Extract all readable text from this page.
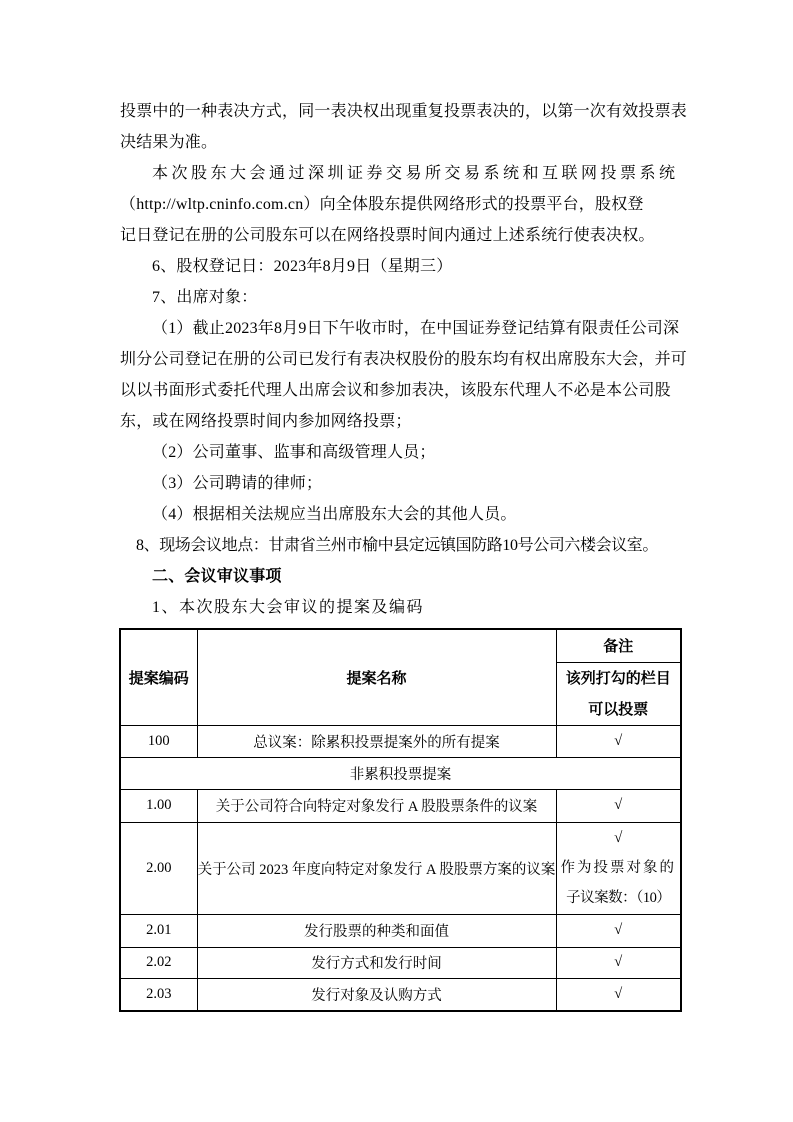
投票中的一种表决方式，同一表决权出现重复投票表决的，以第一次有效投票表
决结果为准。
本次股东大会通过深圳证券交易所交易系统和互联网投票系统
（http://wltp.cninfo.com.cn）向全体股东提供网络形式的投票平台，股权登
记日登记在册的公司股东可以在网络投票时间内通过上述系统行使表决权。
6、股权登记日：2023年8月9日（星期三）
7、出席对象：
（1）截止2023年8月9日下午收市时，在中国证券登记结算有限责任公司深
圳分公司登记在册的公司已发行有表决权股份的股东均有权出席股东大会，并可
以以书面形式委托代理人出席会议和参加表决，该股东代理人不必是本公司股
东，或在网络投票时间内参加网络投票；
（2）公司董事、监事和高级管理人员；
（3）公司聘请的律师；
（4）根据相关法规应当出席股东大会的其他人员。
8、现场会议地点：甘肃省兰州市榆中县定远镇国防路10号公司六楼会议室。
二、会议审议事项
1、本次股东大会审议的提案及编码
提案编码	提案名称	备注

		该列打勾的栏目
可以投票

100	总议案：除累积投票提案外的所有提案	√
非累积投票提案		
1.00	关于公司符合向特定对象发行 A 股股票条件的议案	√
2.00	关于公司 2023 年度向特定对象发行 A 股股票方案的议案	√
作为投票对象的
子议案数：（10）

2.01	发行股票的种类和面值	√
2.02	发行方式和发行时间	√
2.03	发行对象及认购方式	√
